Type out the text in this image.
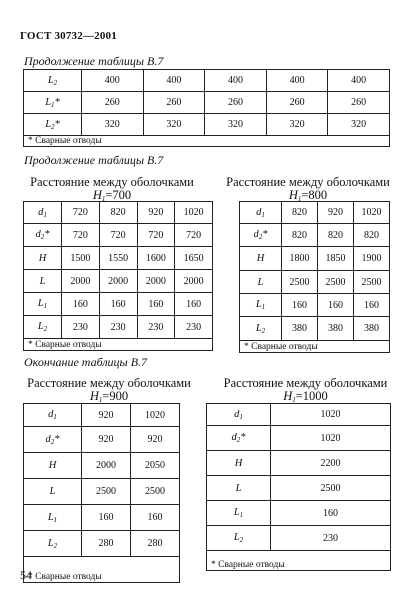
ГОСТ 30732—2001
Продолжение таблицы В.7
$L_2$	400	400	400	400	400
$L_1*$	260	260	260	260	260
$L_2*$	320	320	320	320	320
* Сварные отводы					
Продолжение таблицы В.7
Расстояние между оболочками
$H_1=700$
$d_1$	720	820	920	1020
$d_2*$	720	720	720	720
H	1500	1550	1600	1650
L	2000	2000	2000	2000
$L_1$	160	160	160	160
$L_2$	230	230	230	230
* Сварные отводы				
Расстояние между оболочками
$H_1=800$
$d_1$	820	920	1020
$d_2*$	820	820	820
H	1800	1850	1900
L	2500	2500	2500
$L_1$	160	160	160
$L_2$	380	380	380
* Сварные отводы			
Окончание таблицы В.7
Расстояние между оболочками
$H_1=900$
$d_1$	920	1020
$d_2*$	920	920
H	2000	2050
L	2500	2500
$L_1$	160	160
$L_2$	280	280
* Сварные отводы		
Расстояние между оболочками
$H_1=1000$
$d_1$	1020
$d_2*$	1020
H	2200
L	2500
$L_1$	160
$L_2$	230
* Сварные отводы	
54
